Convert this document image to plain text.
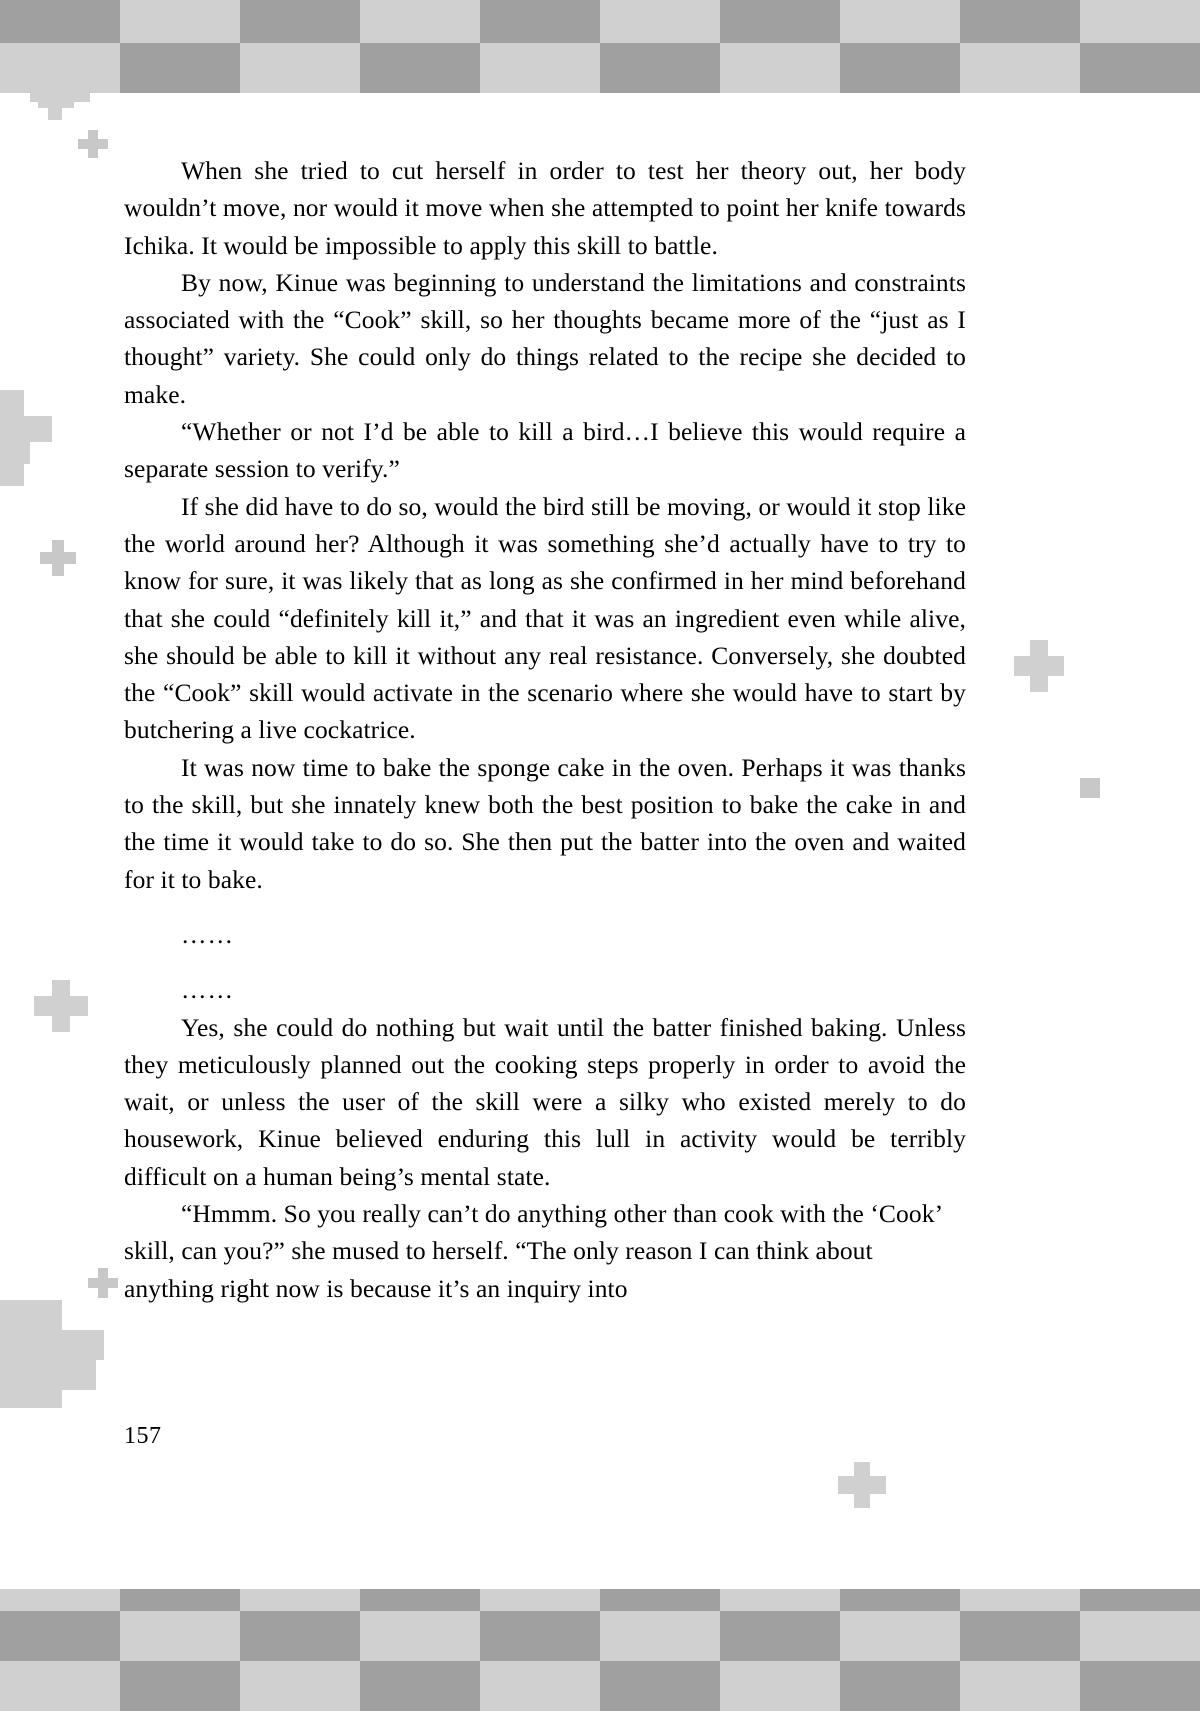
When she tried to cut herself in order to test her theory out, her body wouldn’t move, nor would it move when she attempted to point her knife towards Ichika. It would be impossible to apply this skill to battle.

By now, Kinue was beginning to understand the limitations and constraints associated with the “Cook” skill, so her thoughts became more of the “just as I thought” variety. She could only do things related to the recipe she decided to make.

“Whether or not I’d be able to kill a bird…I believe this would require a separate session to verify.”

If she did have to do so, would the bird still be moving, or would it stop like the world around her? Although it was something she’d actually have to try to know for sure, it was likely that as long as she confirmed in her mind beforehand that she could “definitely kill it,” and that it was an ingredient even while alive, she should be able to kill it without any real resistance. Conversely, she doubted the “Cook” skill would activate in the scenario where she would have to start by butchering a live cockatrice.

It was now time to bake the sponge cake in the oven. Perhaps it was thanks to the skill, but she innately knew both the best position to bake the cake in and the time it would take to do so. She then put the batter into the oven and waited for it to bake.

……

……

Yes, she could do nothing but wait until the batter finished baking. Unless they meticulously planned out the cooking steps properly in order to avoid the wait, or unless the user of the skill were a silky who existed merely to do housework, Kinue believed enduring this lull in activity would be terribly difficult on a human being’s mental state.

“Hmmm. So you really can’t do anything other than cook with the ‘Cook’ skill, can you?” she mused to herself. “The only reason I can think about anything right now is because it’s an inquiry into

157
